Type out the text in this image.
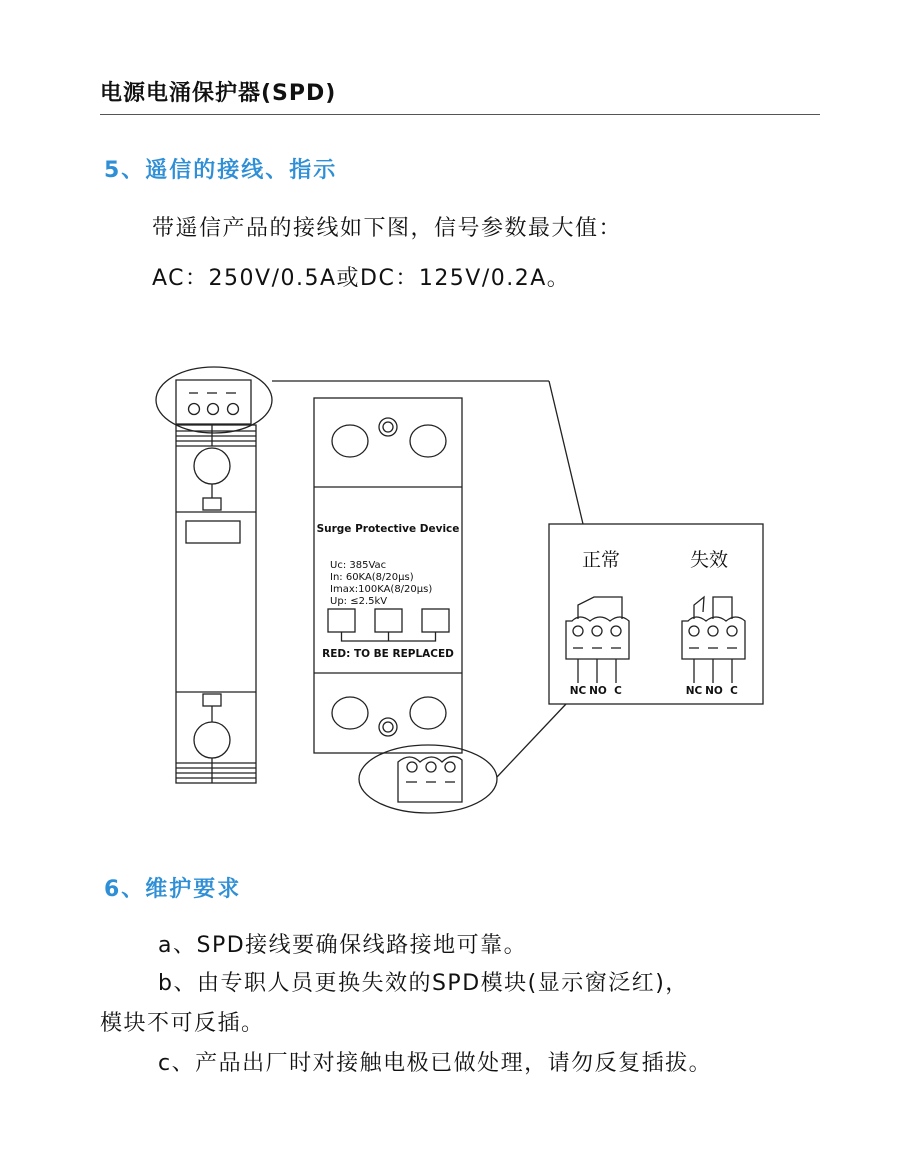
电源电涌保护器(SPD)
5、遥信的接线、指示
带遥信产品的接线如下图，信号参数最大值：
AC：250V/0.5A或DC：125V/0.2A。
Surge Protective Device
Uc: 385Vac
In: 60KA(8/20μs)
Imax:100KA(8/20μs)
Up: ≤2.5kV
RED: TO BE REPLACED
正常	失效
NC NO C	NC NO C
6、维护要求
a、SPD接线要确保线路接地可靠。
b、由专职人员更换失效的SPD模块(显示窗泛红)，
模块不可反插。
c、产品出厂时对接触电极已做处理，请勿反复插拔。
